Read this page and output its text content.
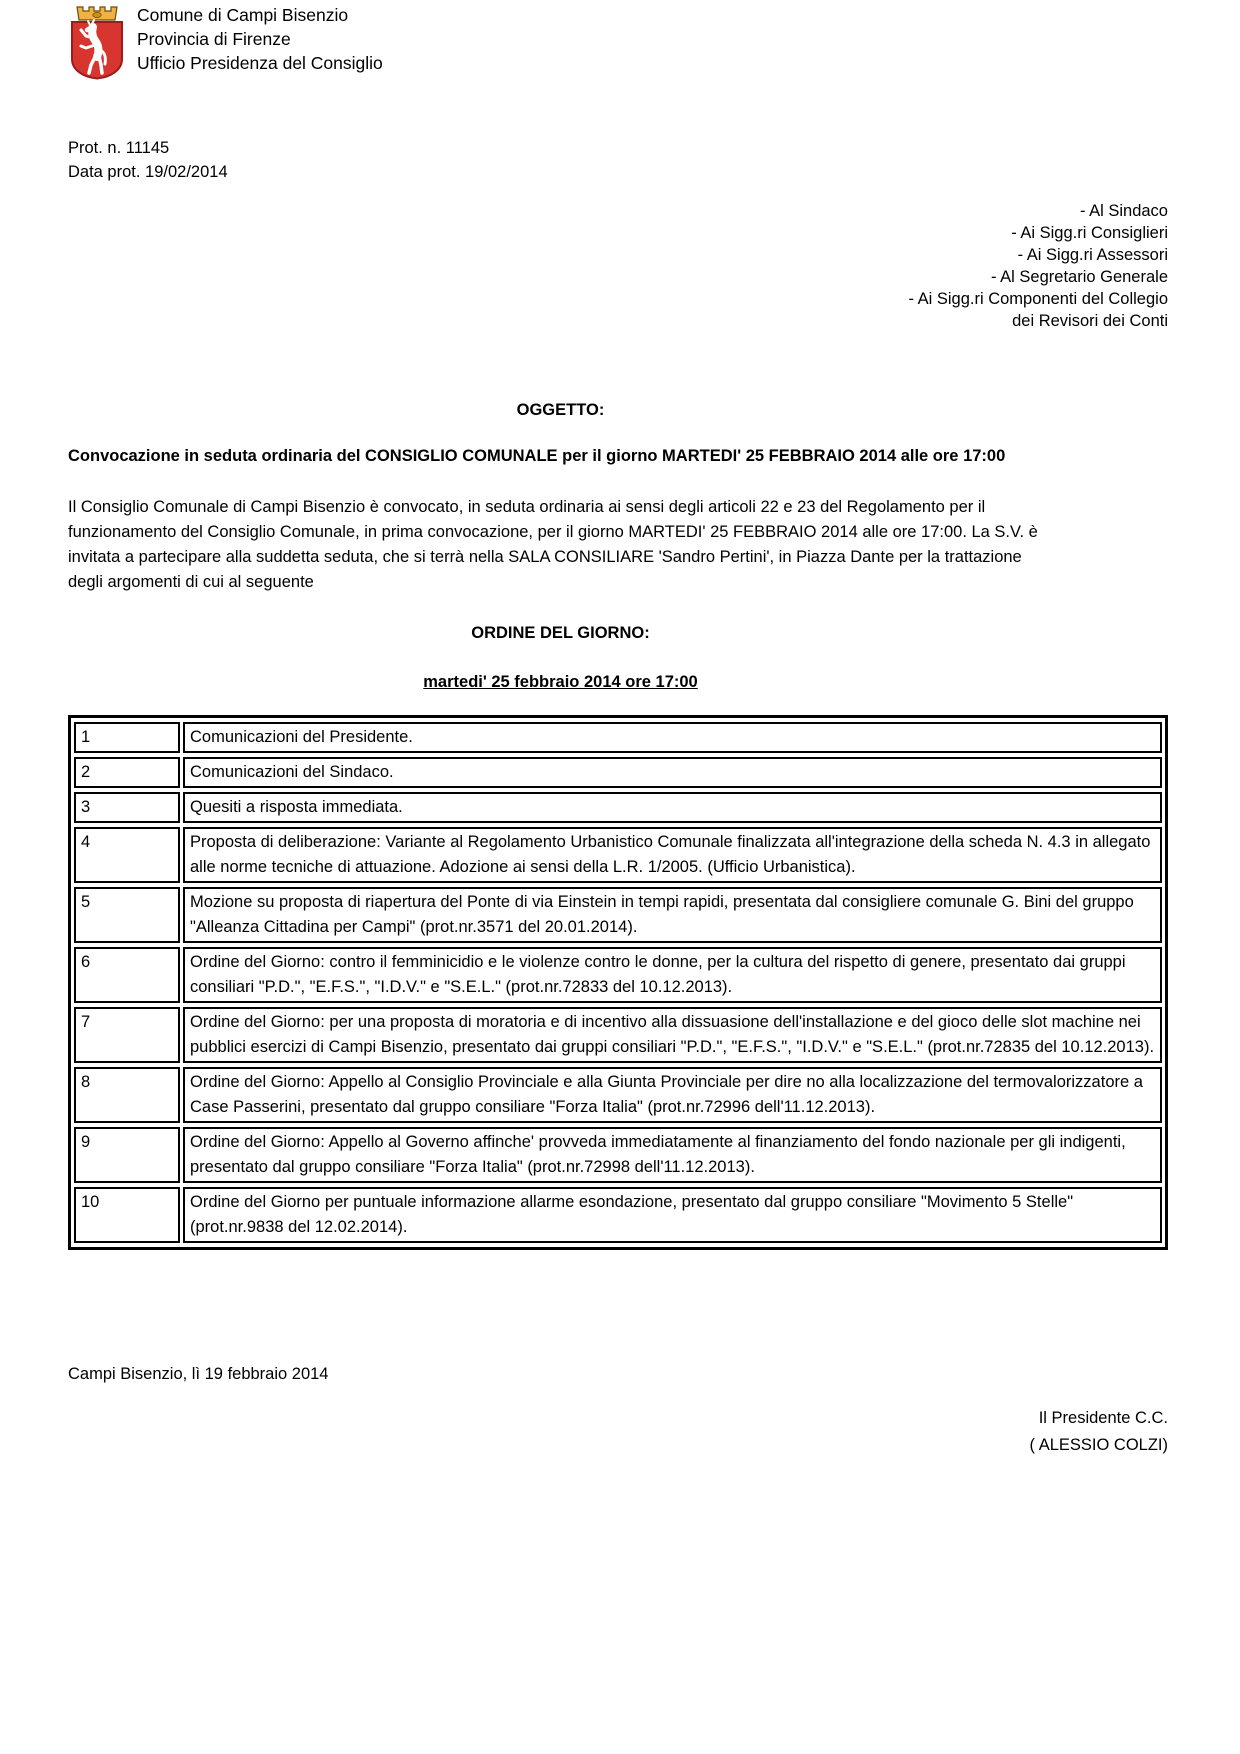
Comune di Campi Bisenzio
Provincia di Firenze
Ufficio Presidenza del Consiglio
Prot. n. 11145
Data prot. 19/02/2014
- Al Sindaco
- Ai Sigg.ri Consiglieri
- Ai Sigg.ri Assessori
- Al Segretario Generale
- Ai Sigg.ri Componenti del Collegio
dei Revisori dei Conti
OGGETTO:
Convocazione in seduta ordinaria del CONSIGLIO COMUNALE per il giorno MARTEDI' 25 FEBBRAIO 2014 alle ore 17:00
Il Consiglio Comunale di Campi Bisenzio è convocato, in seduta ordinaria ai sensi degli articoli 22 e 23 del Regolamento per il funzionamento del Consiglio Comunale, in prima convocazione, per il giorno MARTEDI' 25 FEBBRAIO 2014 alle ore 17:00. La S.V. è invitata a partecipare alla suddetta seduta, che si terrà nella SALA CONSILIARE 'Sandro Pertini', in Piazza Dante per la trattazione degli argomenti di cui al seguente
ORDINE DEL GIORNO:
martedi' 25 febbraio 2014 ore 17:00
1	Comunicazioni del Presidente.
2	Comunicazioni del Sindaco.
3	Quesiti a risposta immediata.
4	Proposta di deliberazione: Variante al Regolamento Urbanistico Comunale finalizzata all'integrazione della scheda N. 4.3 in allegato alle norme tecniche di attuazione. Adozione ai sensi della L.R. 1/2005. (Ufficio Urbanistica).
5	Mozione su proposta di riapertura del Ponte di via Einstein in tempi rapidi, presentata dal consigliere comunale G. Bini del gruppo "Alleanza Cittadina per Campi" (prot.nr.3571 del 20.01.2014).
6	Ordine del Giorno: contro il femminicidio e le violenze contro le donne, per la cultura del rispetto di genere, presentato dai gruppi consiliari "P.D.", "E.F.S.", "I.D.V." e "S.E.L." (prot.nr.72833 del 10.12.2013).
7	Ordine del Giorno: per una proposta di moratoria e di incentivo alla dissuasione dell'installazione e del gioco delle slot machine nei pubblici esercizi di Campi Bisenzio, presentato dai gruppi consiliari "P.D.", "E.F.S.", "I.D.V." e "S.E.L." (prot.nr.72835 del 10.12.2013).
8	Ordine del Giorno: Appello al Consiglio Provinciale e alla Giunta Provinciale per dire no alla localizzazione del termovalorizzatore a Case Passerini, presentato dal gruppo consiliare "Forza Italia" (prot.nr.72996 dell'11.12.2013).
9	Ordine del Giorno: Appello al Governo affinche' provveda immediatamente al finanziamento del fondo nazionale per gli indigenti, presentato dal gruppo consiliare "Forza Italia" (prot.nr.72998 dell'11.12.2013).
10	Ordine del Giorno per puntuale informazione allarme esondazione, presentato dal gruppo consiliare "Movimento 5 Stelle" (prot.nr.9838 del 12.02.2014).
Campi Bisenzio, lì 19 febbraio 2014
Il Presidente C.C.
( ALESSIO COLZI)
